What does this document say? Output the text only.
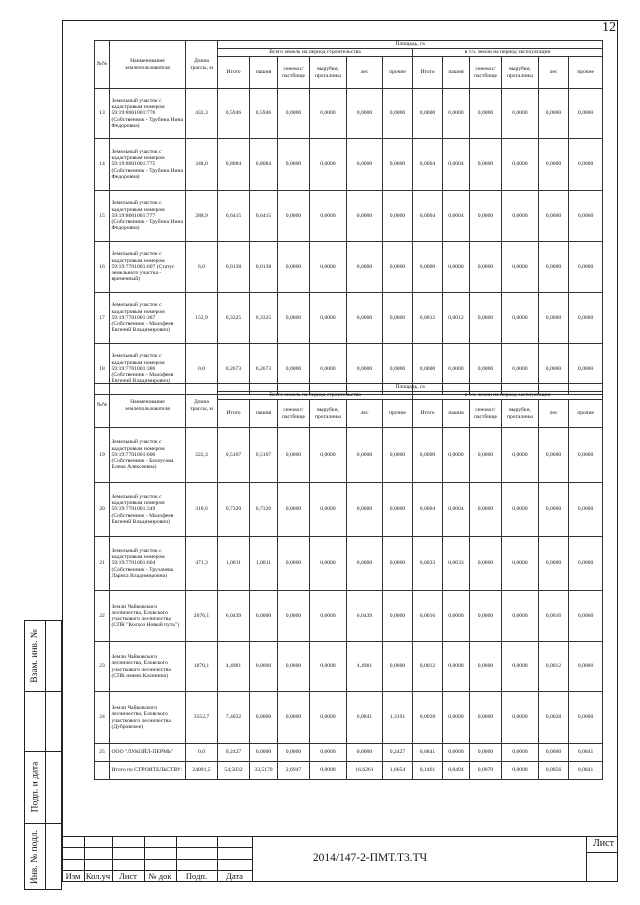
12
№№	Наименование землепользователя	Длина трассы, м	Площадь, га											
			Всего земель на период строительства						в т.ч. земли на период эксплуатации					
			Итого	пашня	сенокос/ пастбище	вырубки, прогалины	лес	прочие	Итого	пашня	сенокос/ пастбище	вырубки, прогалины	лес	прочие
13	Земельный участок с кадастровым номером 59:19:8001001:776 (Собственник - Трубина Нина Федоровна)	432,3	0,5946	0,5946	0,0000	0,0000	0,0000	0,0000	0,0000	0,0000	0,0000	0,0000	0,0000	0,0000
14	Земельный участок с кадастровым номером 59:19:8001001:775 (Собственник - Трубина Нина Федоровна)	348,0	0,8084	0,8084	0,0000	0,0000	0,0000	0,0000	0,0004	0,0004	0,0000	0,0000	0,0000	0,0000
15	Земельный участок с кадастровым номером 59:19:8001001:777 (Собственник - Трубина Нина Федоровна)	288,9	0,6415	0,6415	0,0000	0,0000	0,0000	0,0000	0,0004	0,0004	0,0000	0,0000	0,0000	0,0000
16	Земельный участок с кадастровым номером 59:19:7701001:607 (Статус земельного участка - временный)	6,0	0,0138	0,0138	0,0000	0,0000	0,0000	0,0000	0,0000	0,0000	0,0000	0,0000	0,0000	0,0000
17	Земельный участок с кадастровым номером 59:19:7701001:387 (Собственник - Малофеев Евгений Владимирович)	152,9	0,3325	0,3325	0,0000	0,0000	0,0000	0,0000	0,0012	0,0012	0,0000	0,0000	0,0000	0,0000
18	Земельный участок с кадастровым номером 59:19:7701001:386 (Собственник - Малофеев Евгений Владимирович)	0,0	0,2673	0,2673	0,0000	0,0000	0,0000	0,0000	0,0000	0,0000	0,0000	0,0000	0,0000	0,0000
№№	Наименование землепользователя	Длина трассы, м	Площадь, га											
			Всего земель на период строительства						в т.ч. земли на период эксплуатации					
			Итого	пашня	сенокос/ пастбище	вырубки, прогалины	лес	прочие	Итого	пашня	сенокос/ пастбище	вырубки, прогалины	лес	прочие
19	Земельный участок с кадастровым номером 59:19:7701001:606 (Собственник - Белоусова Елена Алексеевна)	222,3	0,5107	0,5107	0,0000	0,0000	0,0000	0,0000	0,0000	0,0000	0,0000	0,0000	0,0000	0,0000
20	Земельный участок с кадастровым номером 59:19:7701001:349 (Собственник - Малофеев Евгений Владимирович)	318,6	0,7320	0,7320	0,0000	0,0000	0,0000	0,0000	0,0004	0,0004	0,0000	0,0000	0,0000	0,0000
21	Земельный участок с кадастровым номером 59:19:7701001:604 (Собственник - Трухачева Лариса Владимировна)	471,3	1,0811	1,0811	0,0000	0,0000	0,0000	0,0000	0,0033	0,0033	0,0000	0,0000	0,0000	0,0000
22	Земли Чайковского лесничества, Еловского участкового лесничества (СПК "Колхоз Новый путь")	2676,1	6,0439	0,0000	0,0000	0,0000	6,0439	0,0000	0,0016	0,0000	0,0000	0,0000	0,0016	0,0000
23	Земли Чайковского лесничества, Еловского участкового лесничества (СПК имени Калинина)	1870,1	4,4981	0,0000	0,0000	0,0000	4,4981	0,0000	0,0012	0,0000	0,0000	0,0000	0,0012	0,0000
24	Земли Чайковского лесничества, Еловского участкового лесничества (Дубровское)	3552,7	7,4032	0,0000	0,0000	0,0000	6,0841	1,3191	0,0028	0,0000	0,0000	0,0000	0,0028	0,0000
25	ООО "ЛУКОЙЛ-ПЕРМЬ"	0,0	0,2427	0,0000	0,0000	0,0000	0,0000	0,2427	0,0841	0,0000	0,0000	0,0000	0,0000	0,0841
	Итого по СТРОИТЕЛЬСТВУ:	24091,5	54,5032	33,5170	2,6947	0,0000	16,6261	1,6654	0,1461	0,0494	0,0070	0,0000	0,0056	0,0841
Взам. инв. №
Подп. и дата
Инв. № подл.	Изм Кол.уч	Лист	№ док	Подп.	Дата
2014/147-2-ПМТ.Т3.ТЧ
Лист
